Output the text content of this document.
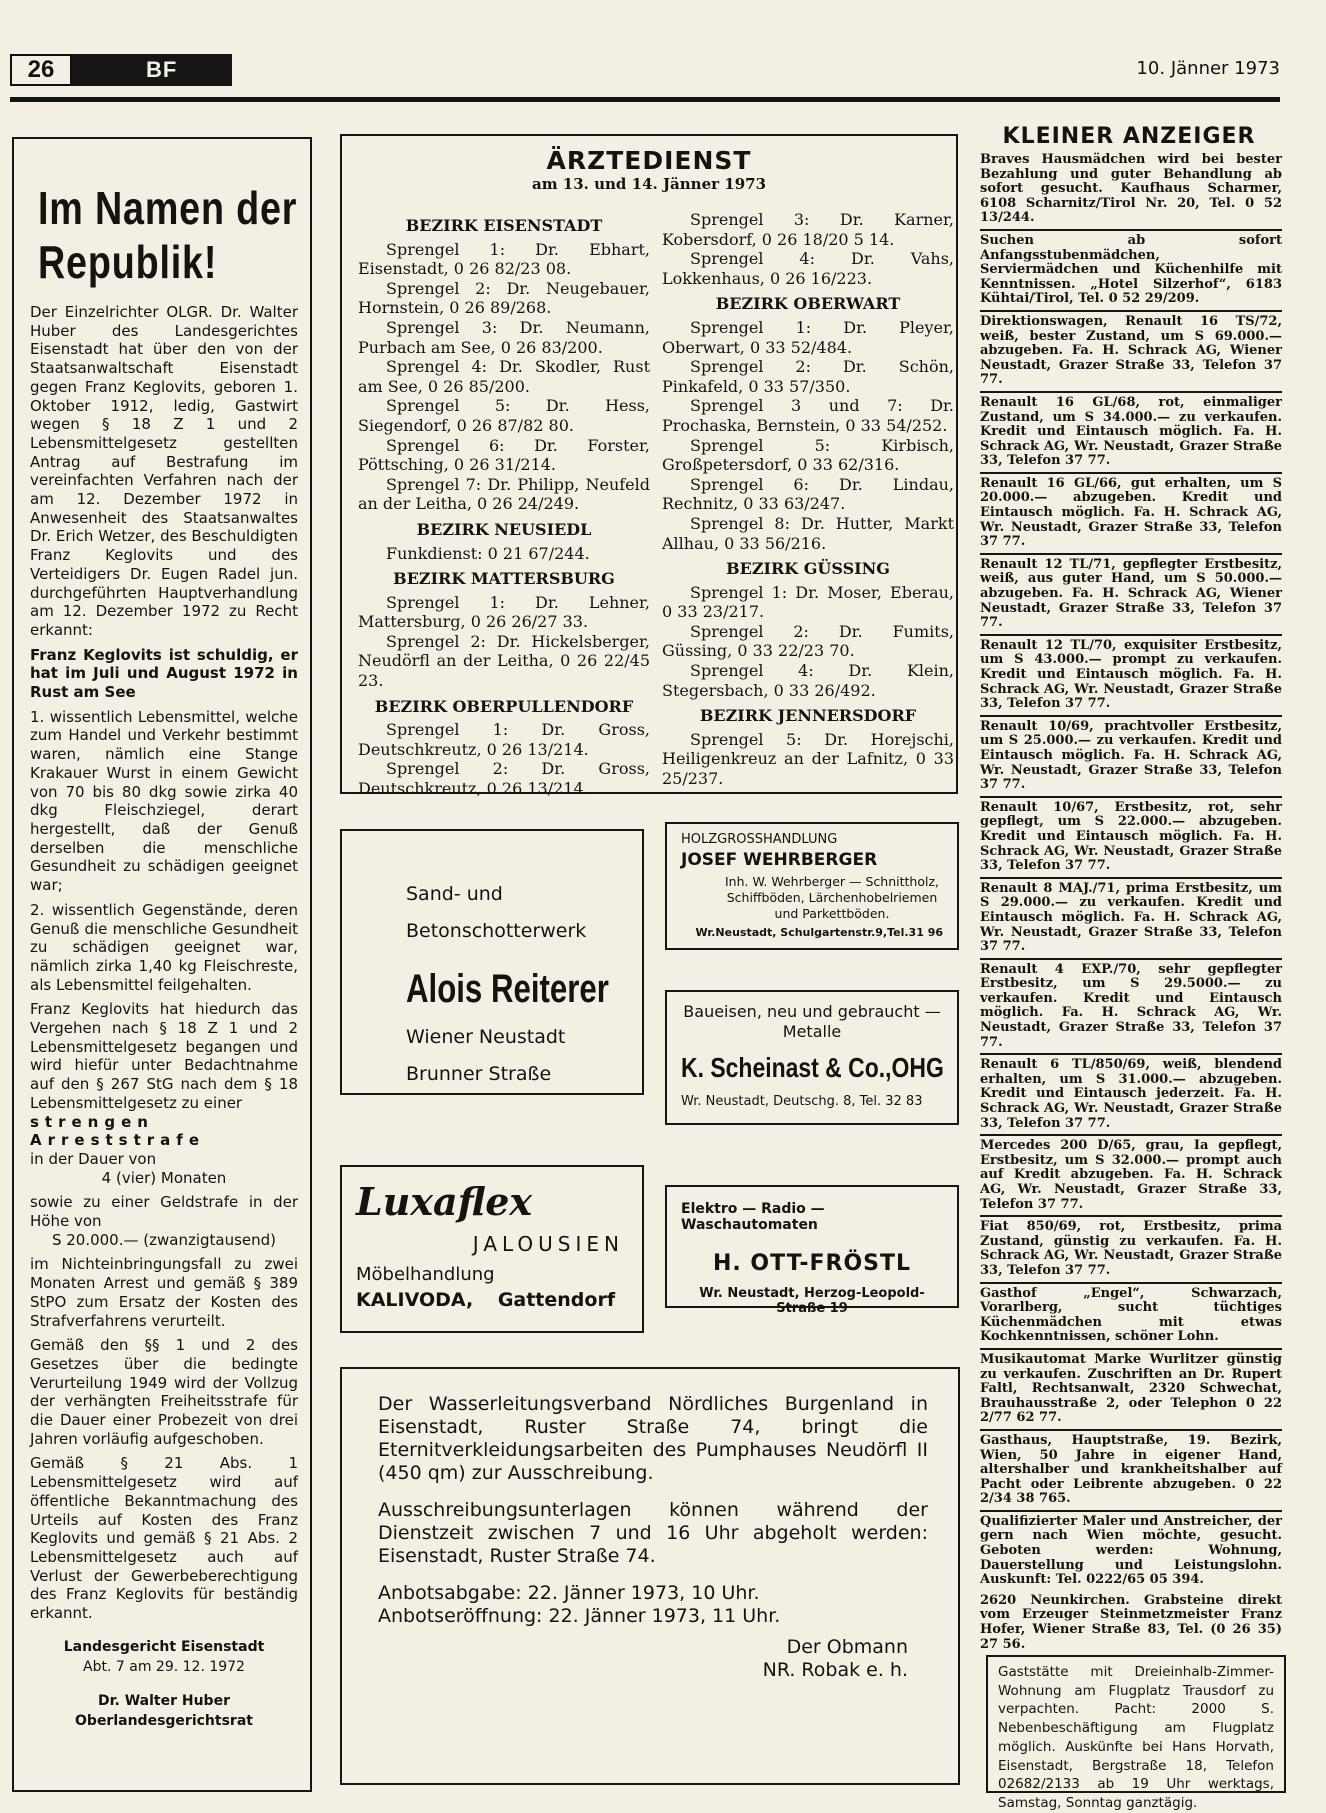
26	BF	10. Jänner 1973
Im Namen der Republik!

Der Einzelrichter OLGR. Dr. Walter Huber des Landesgerichtes Eisenstadt hat über den von der Staatsanwaltschaft Eisenstadt gegen Franz Keglovits, geboren 1. Oktober 1912, ledig, Gastwirt wegen § 18 Z 1 und 2 Lebensmittelgesetz gestellten Antrag auf Bestrafung im vereinfachten Verfahren nach der am 12. Dezember 1972 in Anwesenheit des Staatsanwaltes Dr. Erich Wetzer, des Beschuldigten Franz Keglovits und des Verteidigers Dr. Eugen Radel jun. durchgeführten Hauptverhandlung am 12. Dezember 1972 zu Recht erkannt:

Franz Keglovits ist schuldig, er hat im Juli und August 1972 in Rust am See

1. wissentlich Lebensmittel, welche zum Handel und Verkehr bestimmt waren, nämlich eine Stange Krakauer Wurst in einem Gewicht von 70 bis 80 dkg sowie zirka 40 dkg Fleischziegel, derart hergestellt, daß der Genuß derselben die menschliche Gesundheit zu schädigen geeignet war;

2. wissentlich Gegenstände, deren Genuß die menschliche Gesundheit zu schädigen geeignet war, nämlich zirka 1,40 kg Fleischreste, als Lebensmittel feilgehalten.

Franz Keglovits hat hiedurch das Vergehen nach § 18 Z 1 und 2 Lebensmittelgesetz begangen und wird hiefür unter Bedachtnahme auf den § 267 StG nach dem § 18 Lebensmittelgesetz zu einer

strengen Arreststrafe

in der Dauer von

4 (vier) Monaten

sowie zu einer Geldstrafe in der Höhe von

S 20.000.— (zwanzigtausend)

im Nichteinbringungsfall zu zwei Monaten Arrest und gemäß § 389 StPO zum Ersatz der Kosten des Strafverfahrens verurteilt.

Gemäß den §§ 1 und 2 des Gesetzes über die bedingte Verurteilung 1949 wird der Vollzug der verhängten Freiheitsstrafe für die Dauer einer Probezeit von drei Jahren vorläufig aufgeschoben.

Gemäß § 21 Abs. 1 Lebensmittelgesetz wird auf öffentliche Bekanntmachung des Urteils auf Kosten des Franz Keglovits und gemäß § 21 Abs. 2 Lebensmittelgesetz auch auf Verlust der Gewerbeberechtigung des Franz Keglovits für beständig erkannt.

Landesgericht Eisenstadt
Abt. 7 am 29. 12. 1972
Dr. Walter Huber
Oberlandesgerichtsrat
ÄRZTEDIENST
am 13. und 14. Jänner 1973

BEZIRK EISENSTADT

Sprengel 1: Dr. Ebhart, Eisenstadt, 0 26 82/23 08.

Sprengel 2: Dr. Neugebauer, Hornstein, 0 26 89/268.

Sprengel 3: Dr. Neumann, Purbach am See, 0 26 83/200.

Sprengel 4: Dr. Skodler, Rust am See, 0 26 85/200.

Sprengel 5: Dr. Hess, Siegendorf, 0 26 87/82 80.

Sprengel 6: Dr. Forster, Pöttsching, 0 26 31/214.

Sprengel 7: Dr. Philipp, Neufeld an der Leitha, 0 26 24/249.

BEZIRK NEUSIEDL

Funkdienst: 0 21 67/244.

BEZIRK MATTERSBURG

Sprengel 1: Dr. Lehner, Mattersburg, 0 26 26/27 33.

Sprengel 2: Dr. Hickelsberger, Neudörfl an der Leitha, 0 26 22/45 23.

BEZIRK OBERPULLENDORF

Sprengel 1: Dr. Gross, Deutschkreutz, 0 26 13/214.

Sprengel 2: Dr. Gross, Deutschkreutz, 0 26 13/214.

Sprengel 3: Dr. Karner, Kobersdorf, 0 26 18/20 5 14.

Sprengel 4: Dr. Vahs, Lokkenhaus, 0 26 16/223.

BEZIRK OBERWART

Sprengel 1: Dr. Pleyer, Oberwart, 0 33 52/484.

Sprengel 2: Dr. Schön, Pinkafeld, 0 33 57/350.

Sprengel 3 und 7: Dr. Prochaska, Bernstein, 0 33 54/252.

Sprengel 5: Kirbisch, Großpetersdorf, 0 33 62/316.

Sprengel 6: Dr. Lindau, Rechnitz, 0 33 63/247.

Sprengel 8: Dr. Hutter, Markt Allhau, 0 33 56/216.

BEZIRK GÜSSING

Sprengel 1: Dr. Moser, Eberau, 0 33 23/217.

Sprengel 2: Dr. Fumits, Güssing, 0 33 22/23 70.

Sprengel 4: Dr. Klein, Stegersbach, 0 33 26/492.

BEZIRK JENNERSDORF

Sprengel 5: Dr. Horejschi, Heiligenkreuz an der Lafnitz, 0 33 25/237.

Sand- und
Betonschotterwerk
Alois Reiterer
Wiener Neustadt
Brunner Straße
Luxaflex
JALOUSIEN
Möbelhandlung
KALIVODA, Gattendorf
HOLZGROSSHANDLUNG
JOSEF WEHRBERGER
Inh. W. Wehrberger — Schnittholz, Schiffböden, Lärchenhobelriemen und Parkettböden.
Wr.Neustadt, Schulgartenstr.9,Tel.31 96
Baueisen, neu und gebraucht — Metalle
K. Scheinast & Co.,OHG
Wr. Neustadt, Deutschg. 8, Tel. 32 83
Elektro — Radio — Waschautomaten
H. OTT-FRÖSTL
Wr. Neustadt, Herzog-Leopold-Straße 19

Der Wasserleitungsverband Nördliches Burgenland in Eisenstadt, Ruster Straße 74, bringt die Eternitverkleidungsarbeiten des Pumphauses Neudörfl II (450 qm) zur Ausschreibung.

Ausschreibungsunterlagen können während der Dienstzeit zwischen 7 und 16 Uhr abgeholt werden: Eisenstadt, Ruster Straße 74.

Anbotsabgabe: 22. Jänner 1973, 10 Uhr.

Anbotseröffnung: 22. Jänner 1973, 11 Uhr.

Der Obmann

NR. Robak e. h.

KLEINER ANZEIGER
Braves Hausmädchen wird bei bester Bezahlung und guter Behandlung ab sofort gesucht. Kaufhaus Scharmer, 6108 Scharnitz/Tirol Nr. 20, Tel. 0 52 13/244.
Suchen ab sofort Anfangsstubenmädchen, Serviermädchen und Küchenhilfe mit Kenntnissen. „Hotel Silzerhof“, 6183 Kühtai/Tirol, Tel. 0 52 29/209.
Direktionswagen, Renault 16 TS/72, weiß, bester Zustand, um S 69.000.— abzugeben. Fa. H. Schrack AG, Wiener Neustadt, Grazer Straße 33, Telefon 37 77.
Renault 16 GL/68, rot, einmaliger Zustand, um S 34.000.— zu verkaufen. Kredit und Eintausch möglich. Fa. H. Schrack AG, Wr. Neustadt, Grazer Straße 33, Telefon 37 77.
Renault 16 GL/66, gut erhalten, um S 20.000.— abzugeben. Kredit und Eintausch möglich. Fa. H. Schrack AG, Wr. Neustadt, Grazer Straße 33, Telefon 37 77.
Renault 12 TL/71, gepflegter Erstbesitz, weiß, aus guter Hand, um S 50.000.— abzugeben. Fa. H. Schrack AG, Wiener Neustadt, Grazer Straße 33, Telefon 37 77.
Renault 12 TL/70, exquisiter Erstbesitz, um S 43.000.— prompt zu verkaufen. Kredit und Eintausch möglich. Fa. H. Schrack AG, Wr. Neustadt, Grazer Straße 33, Telefon 37 77.
Renault 10/69, prachtvoller Erstbesitz, um S 25.000.— zu verkaufen. Kredit und Eintausch möglich. Fa. H. Schrack AG, Wr. Neustadt, Grazer Straße 33, Telefon 37 77.
Renault 10/67, Erstbesitz, rot, sehr gepflegt, um S 22.000.— abzugeben. Kredit und Eintausch möglich. Fa. H. Schrack AG, Wr. Neustadt, Grazer Straße 33, Telefon 37 77.
Renault 8 MAJ./71, prima Erstbesitz, um S 29.000.— zu verkaufen. Kredit und Eintausch möglich. Fa. H. Schrack AG, Wr. Neustadt, Grazer Straße 33, Telefon 37 77.
Renault 4 EXP./70, sehr gepflegter Erstbesitz, um S 29.5000.— zu verkaufen. Kredit und Eintausch möglich. Fa. H. Schrack AG, Wr. Neustadt, Grazer Straße 33, Telefon 37 77.
Renault 6 TL/850/69, weiß, blendend erhalten, um S 31.000.— abzugeben. Kredit und Eintausch jederzeit. Fa. H. Schrack AG, Wr. Neustadt, Grazer Straße 33, Telefon 37 77.
Mercedes 200 D/65, grau, Ia gepflegt, Erstbesitz, um S 32.000.— prompt auch auf Kredit abzugeben. Fa. H. Schrack AG, Wr. Neustadt, Grazer Straße 33, Telefon 37 77.
Fiat 850/69, rot, Erstbesitz, prima Zustand, günstig zu verkaufen. Fa. H. Schrack AG, Wr. Neustadt, Grazer Straße 33, Telefon 37 77.
Gasthof „Engel“, Schwarzach, Vorarlberg, sucht tüchtiges Küchenmädchen mit etwas Kochkenntnissen, schöner Lohn.
Musikautomat Marke Wurlitzer günstig zu verkaufen. Zuschriften an Dr. Rupert Faltl, Rechtsanwalt, 2320 Schwechat, Brauhausstraße 2, oder Telephon 0 22 2/77 62 77.
Gasthaus, Hauptstraße, 19. Bezirk, Wien, 50 Jahre in eigener Hand, altershalber und krankheitshalber auf Pacht oder Leibrente abzugeben. 0 22 2/34 38 765.
Qualifizierter Maler und Anstreicher, der gern nach Wien möchte, gesucht. Geboten werden: Wohnung, Dauerstellung und Leistungslohn. Auskunft: Tel. 0222/65 05 394.
2620 Neunkirchen. Grabsteine direkt vom Erzeuger Steinmetzmeister Franz Hofer, Wiener Straße 83, Tel. (0 26 35) 27 56.
Gaststätte mit Dreieinhalb-Zimmer-Wohnung am Flugplatz Trausdorf zu verpachten. Pacht: 2000 S. Nebenbeschäftigung am Flugplatz möglich. Auskünfte bei Hans Horvath, Eisenstadt, Bergstraße 18, Telefon 02682/2133 ab 19 Uhr werktags, Samstag, Sonntag ganztägig.
